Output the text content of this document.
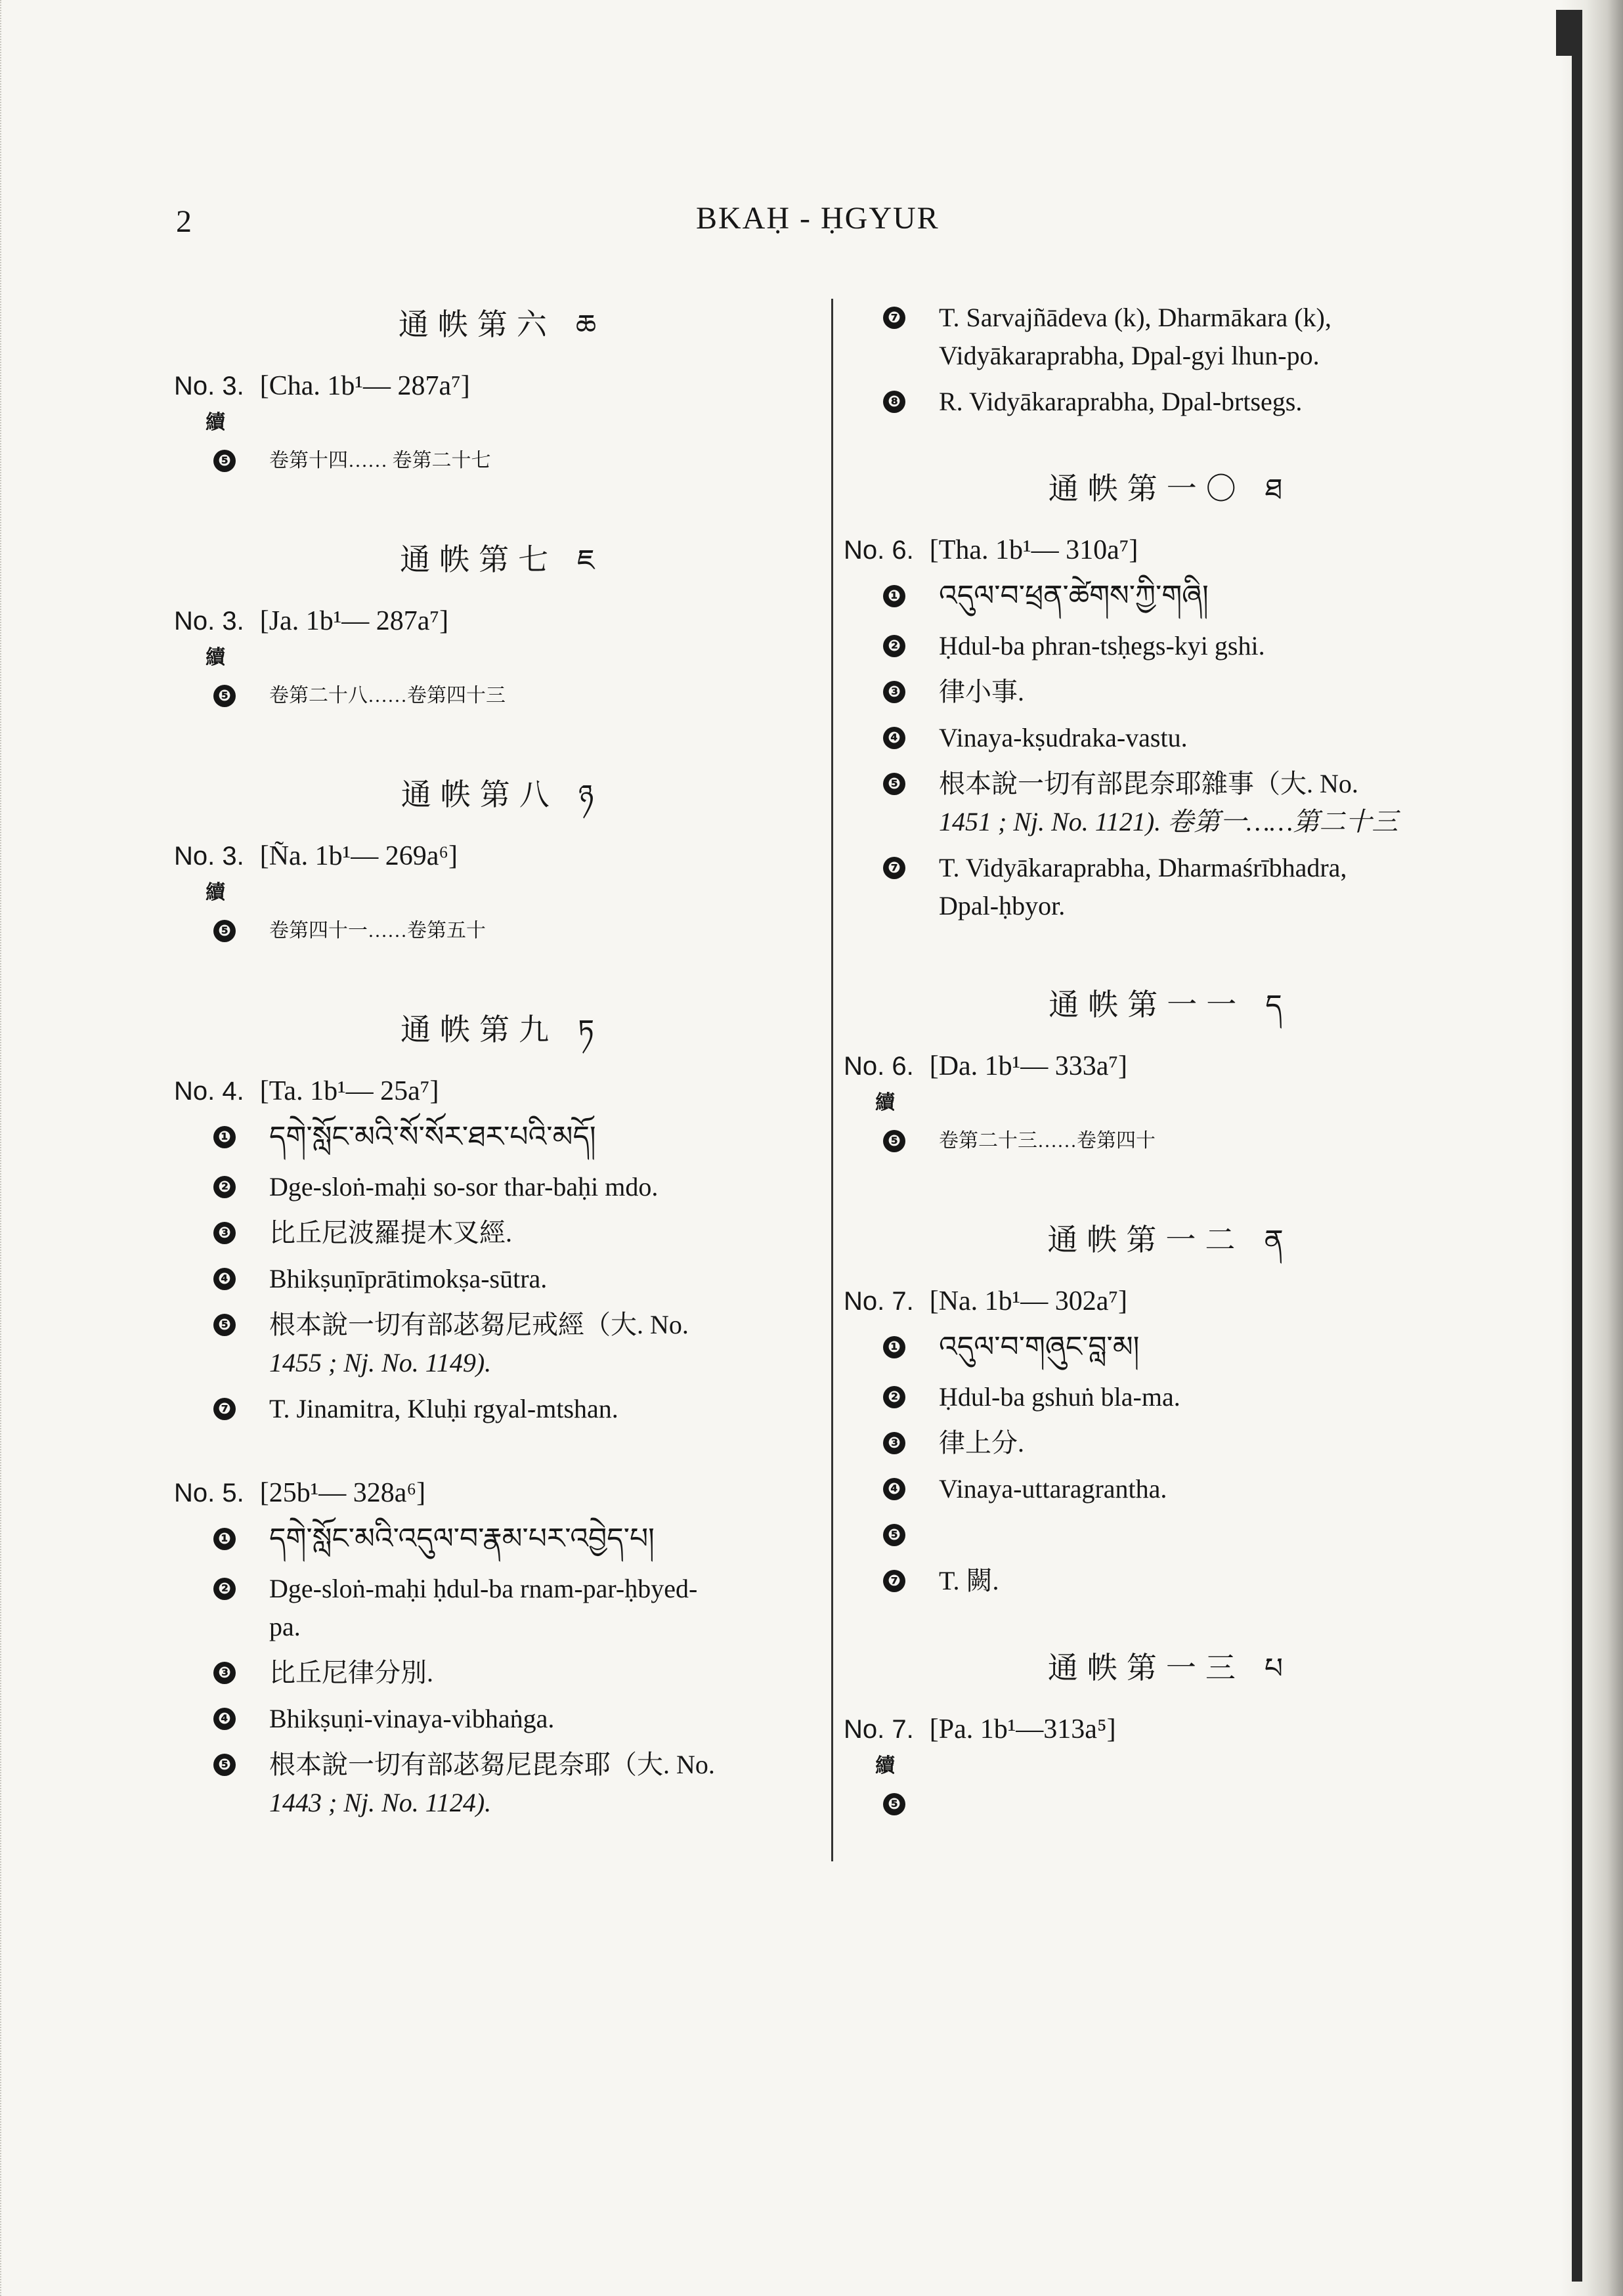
2	BKAḤ - ḤGYUR
通帙第六 ཆ
No. 3. [Cha. 1b¹— 287a⁷]
續
❺ 卷第十四…… 卷第二十七
通帙第七 ཇ
No. 3. [Ja. 1b¹— 287a⁷]
續
❺ 卷第二十八……卷第四十三
通帙第八 ཉ
No. 3. [Ña. 1b¹— 269a⁶]
續
❺ 卷第四十一……卷第五十
通帙第九 ཏ
No. 4. [Ta. 1b¹— 25a⁷]
❶ དགེ་སློང་མའི་སོ་སོར་ཐར་པའི་མདོ།
❷ Dge-sloṅ-maḥi so-sor thar-baḥi mdo.
❸ 比丘尼波羅提木叉經.
❹ Bhikṣuṇīprātimokṣa-sūtra.
❺ 根本說一切有部苾芻尼戒經（大. No.
1455 ; Nj. No. 1149).
❼ T. Jinamitra, Kluḥi rgyal-mtshan.
No. 5. [25b¹— 328a⁶]
❶ དགེ་སློང་མའི་འདུལ་བ་རྣམ་པར་འབྱེད་པ།
❷ Dge-sloṅ-maḥi ḥdul-ba rnam-par-ḥbyed-
pa.
❸ 比丘尼律分別.
❹ Bhikṣuṇi-vinaya-vibhaṅga.
❺ 根本說一切有部苾芻尼毘奈耶（大. No.
1443 ; Nj. No. 1124).
❼ T. Sarvajñādeva (k), Dharmākara (k),
Vidyākaraprabha, Dpal-gyi lhun-po.
❽ R. Vidyākaraprabha, Dpal-brtsegs.
通帙第一〇 ཐ
No. 6. [Tha. 1b¹— 310a⁷]
❶ འདུལ་བ་ཕྲན་ཚེགས་ཀྱི་གཞི།
❷ Ḥdul-ba phran-tsḥegs-kyi gshi.
❸ 律小事.
❹ Vinaya-kṣudraka-vastu.
❺ 根本說一切有部毘奈耶雜事（大. No.
1451 ; Nj. No. 1121). 卷第一……第二十三
❼ T. Vidyākaraprabha, Dharmaśrībhadra,
Dpal-ḥbyor.
通帙第一一 ད
No. 6. [Da. 1b¹— 333a⁷]
續
❺ 卷第二十三……卷第四十
通帙第一二 ན
No. 7. [Na. 1b¹— 302a⁷]
❶ འདུལ་བ་གཞུང་བླ་མ།
❷ Ḥdul-ba gshuṅ bla-ma.
❸ 律上分.
❹ Vinaya-uttaragrantha.
❺

❼ T. 闕.
通帙第一三 པ
No. 7. [Pa. 1b¹—313a⁵]
續
❺
